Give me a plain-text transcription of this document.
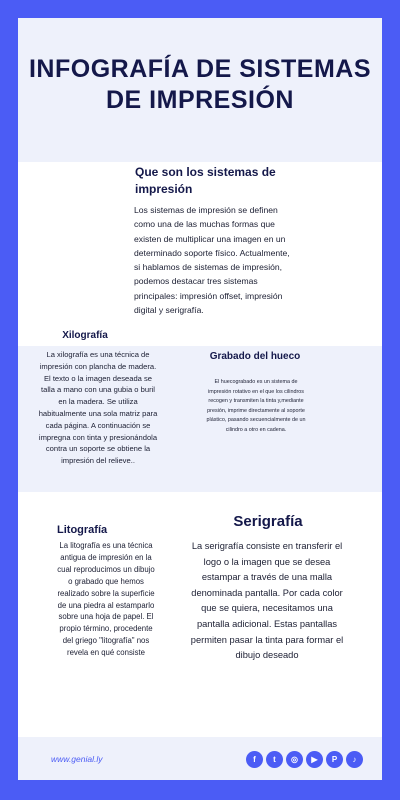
INFOGRAFÍA DE SISTEMAS DE IMPRESIÓN
Que son los sistemas de impresión

Los sistemas de impresión se definen como una de las muchas formas que existen de multiplicar una imagen en un determinado soporte físico. Actualmente, si hablamos de sistemas de impresión, podemos destacar tres sistemas principales: impresión offset, impresión digital y serigrafía.

Xilografía

La xilografía es una técnica de impresión con plancha de madera. El texto o la imagen deseada se talla a mano con una gubia o buril en la madera. Se utiliza habitualmente una sola matriz para cada página. A continuación se impregna con tinta y presionándola contra un soporte se obtiene la impresión del relieve..

Grabado del hueco

El huecograbado es un sistema de impresión rotativo en el que los cilindros recogen y transmiten la tinta y,mediante presión, imprime directamente al soporte plástico, pasando secuencialmente de un cilindro a otro en cadena.

Litografía

La litografía es una técnica antigua de impresión en la cual reproducimos un dibujo o grabado que hemos realizado sobre la superficie de una piedra al estamparlo sobre una hoja de papel. El propio término, procedente del griego "litografía" nos revela en qué consiste

Serigrafía

La serigrafía consiste en transferir el logo o la imagen que se desea estampar a través de una malla denominada pantalla. Por cada color que se quiera, necesitamos una pantalla adicional. Estas pantallas permiten pasar la tinta para formar el dibujo deseado

www.genial.ly	f	t	◎	▶	P	♪
